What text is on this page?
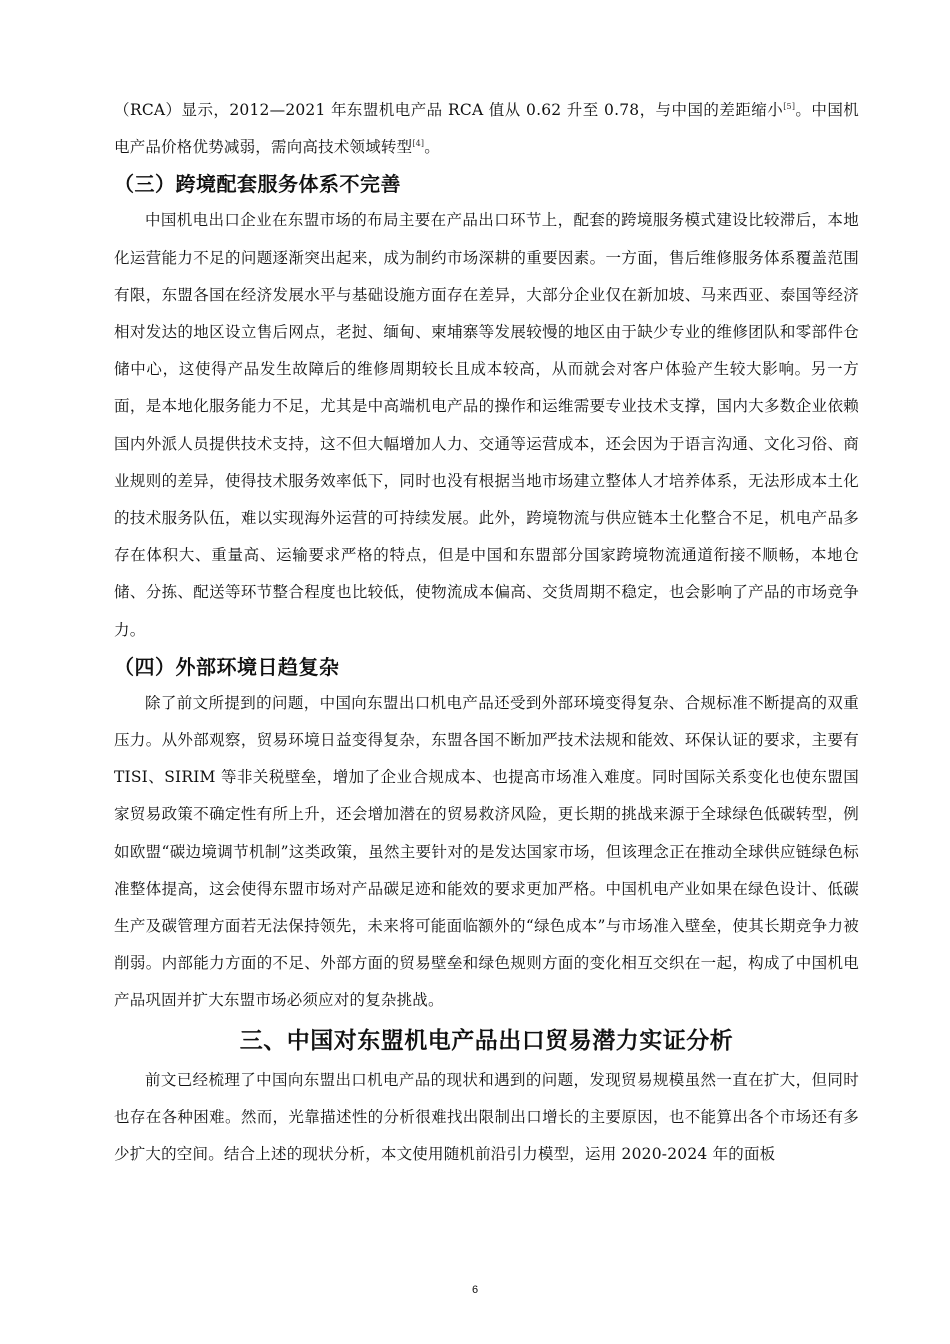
（RCA）显示，2012—2021 年东盟机电产品 RCA 值从 0.62 升至 0.78，与中国的差距缩小[5]。中国机电产品价格优势减弱，需向高技术领域转型[4]。

（三）跨境配套服务体系不完善

中国机电出口企业在东盟市场的布局主要在产品出口环节上，配套的跨境服务模式建设比较滞后，本地化运营能力不足的问题逐渐突出起来，成为制约市场深耕的重要因素。一方面，售后维修服务体系覆盖范围有限，东盟各国在经济发展水平与基础设施方面存在差异，大部分企业仅在新加坡、马来西亚、泰国等经济相对发达的地区设立售后网点，老挝、缅甸、柬埔寨等发展较慢的地区由于缺少专业的维修团队和零部件仓储中心，这使得产品发生故障后的维修周期较长且成本较高，从而就会对客户体验产生较大影响。另一方面，是本地化服务能力不足，尤其是中高端机电产品的操作和运维需要专业技术支撑，国内大多数企业依赖国内外派人员提供技术支持，这不但大幅增加人力、交通等运营成本，还会因为于语言沟通、文化习俗、商业规则的差异，使得技术服务效率低下，同时也没有根据当地市场建立整体人才培养体系，无法形成本土化的技术服务队伍，难以实现海外运营的可持续发展。此外，跨境物流与供应链本土化整合不足，机电产品多存在体积大、重量高、运输要求严格的特点，但是中国和东盟部分国家跨境物流通道衔接不顺畅，本地仓储、分拣、配送等环节整合程度也比较低，使物流成本偏高、交货周期不稳定，也会影响了产品的市场竞争力。

（四）外部环境日趋复杂

除了前文所提到的问题，中国向东盟出口机电产品还受到外部环境变得复杂、合规标准不断提高的双重压力。从外部观察，贸易环境日益变得复杂，东盟各国不断加严技术法规和能效、环保认证的要求，主要有 TISI、SIRIM 等非关税壁垒，增加了企业合规成本、也提高市场准入难度。同时国际关系变化也使东盟国家贸易政策不确定性有所上升，还会增加潜在的贸易救济风险，更长期的挑战来源于全球绿色低碳转型，例如欧盟“碳边境调节机制”这类政策，虽然主要针对的是发达国家市场，但该理念正在推动全球供应链绿色标准整体提高，这会使得东盟市场对产品碳足迹和能效的要求更加严格。中国机电产业如果在绿色设计、低碳生产及碳管理方面若无法保持领先，未来将可能面临额外的“绿色成本”与市场准入壁垒，使其长期竞争力被削弱。内部能力方面的不足、外部方面的贸易壁垒和绿色规则方面的变化相互交织在一起，构成了中国机电产品巩固并扩大东盟市场必须应对的复杂挑战。

三、中国对东盟机电产品出口贸易潜力实证分析

前文已经梳理了中国向东盟出口机电产品的现状和遇到的问题，发现贸易规模虽然一直在扩大，但同时也存在各种困难。然而，光靠描述性的分析很难找出限制出口增长的主要原因，也不能算出各个市场还有多少扩大的空间。结合上述的现状分析，本文使用随机前沿引力模型，运用 2020-2024 年的面板

6
